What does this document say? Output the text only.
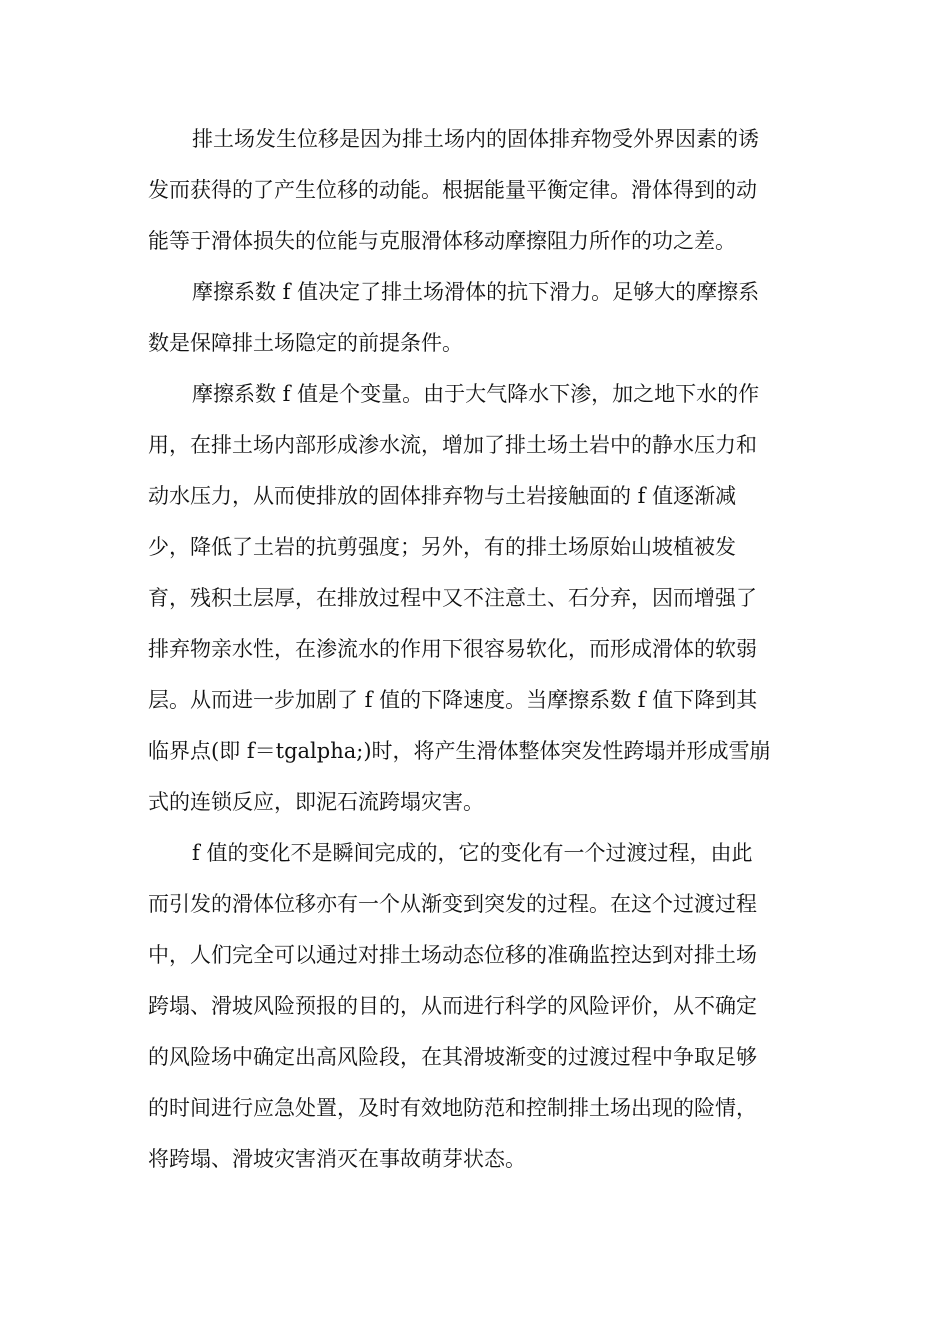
排土场发生位移是因为排土场内的固体排弃物受外界因素的诱
发而获得的了产生位移的动能。根据能量平衡定律。滑体得到的动
能等于滑体损失的位能与克服滑体移动摩擦阻力所作的功之差。
摩擦系数 f 值决定了排土场滑体的抗下滑力。足够大的摩擦系
数是保障排土场隐定的前提条件。
摩擦系数 f 值是个变量。由于大气降水下渗，加之地下水的作
用，在排土场内部形成渗水流，增加了排土场土岩中的静水压力和
动水压力，从而使排放的固体排弃物与土岩接触面的 f 值逐渐减
少，降低了土岩的抗剪强度；另外，有的排土场原始山坡植被发
育，残积土层厚，在排放过程中又不注意土、石分弃，因而增强了
排弃物亲水性，在渗流水的作用下很容易软化，而形成滑体的软弱
层。从而进一步加剧了 f 值的下降速度。当摩擦系数 f 值下降到其
临界点(即 f＝tgalpha;)时，将产生滑体整体突发性跨塌并形成雪崩
式的连锁反应，即泥石流跨塌灾害。
f 值的变化不是瞬间完成的，它的变化有一个过渡过程，由此
而引发的滑体位移亦有一个从渐变到突发的过程。在这个过渡过程
中，人们完全可以通过对排土场动态位移的准确监控达到对排土场
跨塌、滑坡风险预报的目的，从而进行科学的风险评价，从不确定
的风险场中确定出高风险段，在其滑坡渐变的过渡过程中争取足够
的时间进行应急处置，及时有效地防范和控制排土场出现的险情，
将跨塌、滑坡灾害消灭在事故萌芽状态。
